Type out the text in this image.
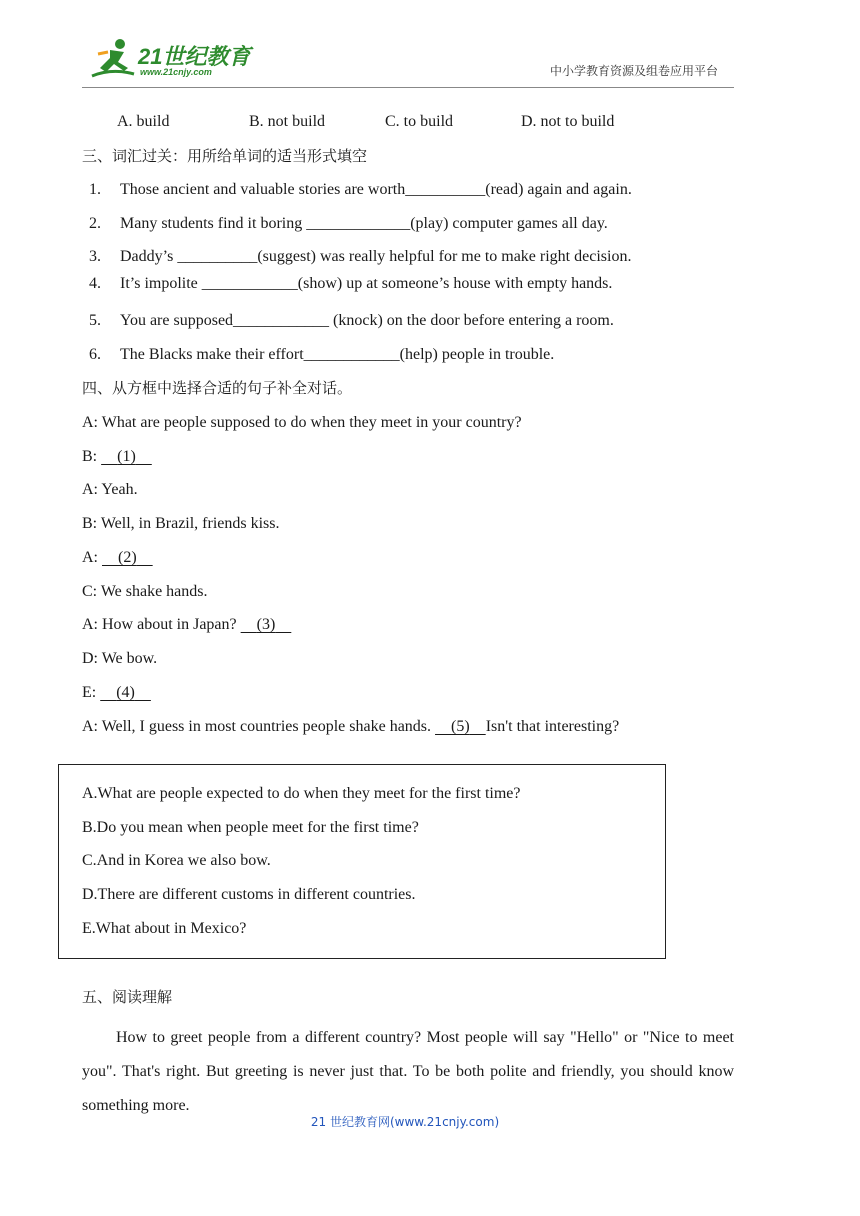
21世纪教育
www.21cnjy.com	中小学教育资源及组卷应用平台
A. build	B. not build	C. to build	D. not to build
三、词汇过关：用所给单词的适当形式填空
1. Those ancient and valuable stories are worth__________(read) again and again.
2. Many students find it boring _____________(play) computer games all day.
3. Daddy’s __________(suggest) was really helpful for me to make right decision.
4. It’s impolite ____________(show) up at someone’s house with empty hands.
5. You are supposed____________ (knock) on the door before entering a room.
6. The Blacks make their effort____________(help) people in trouble.
四、从方框中选择合适的句子补全对话。
A: What are people supposed to do when they meet in your country?
B:     (1)
A: Yeah.
B: Well, in Brazil, friends kiss.
A:     (2)
C: We shake hands.
A: How about in Japan?     (3)
D: We bow.
E:     (4)
A: Well, I guess in most countries people shake hands.     (5) Isn't that interesting?
A.What are people expected to do when they meet for the first time?
B.Do you mean when people meet for the first time?
C.And in Korea we also bow.
D.There are different customs in different countries.
E.What about in Mexico?
五、阅读理解
How to greet people from a different country? Most people will say "Hello" or "Nice to meet you". That's right. But greeting is never just that. To be both polite and friendly, you should know something more.
21 世纪教育网(www.21cnjy.com)
